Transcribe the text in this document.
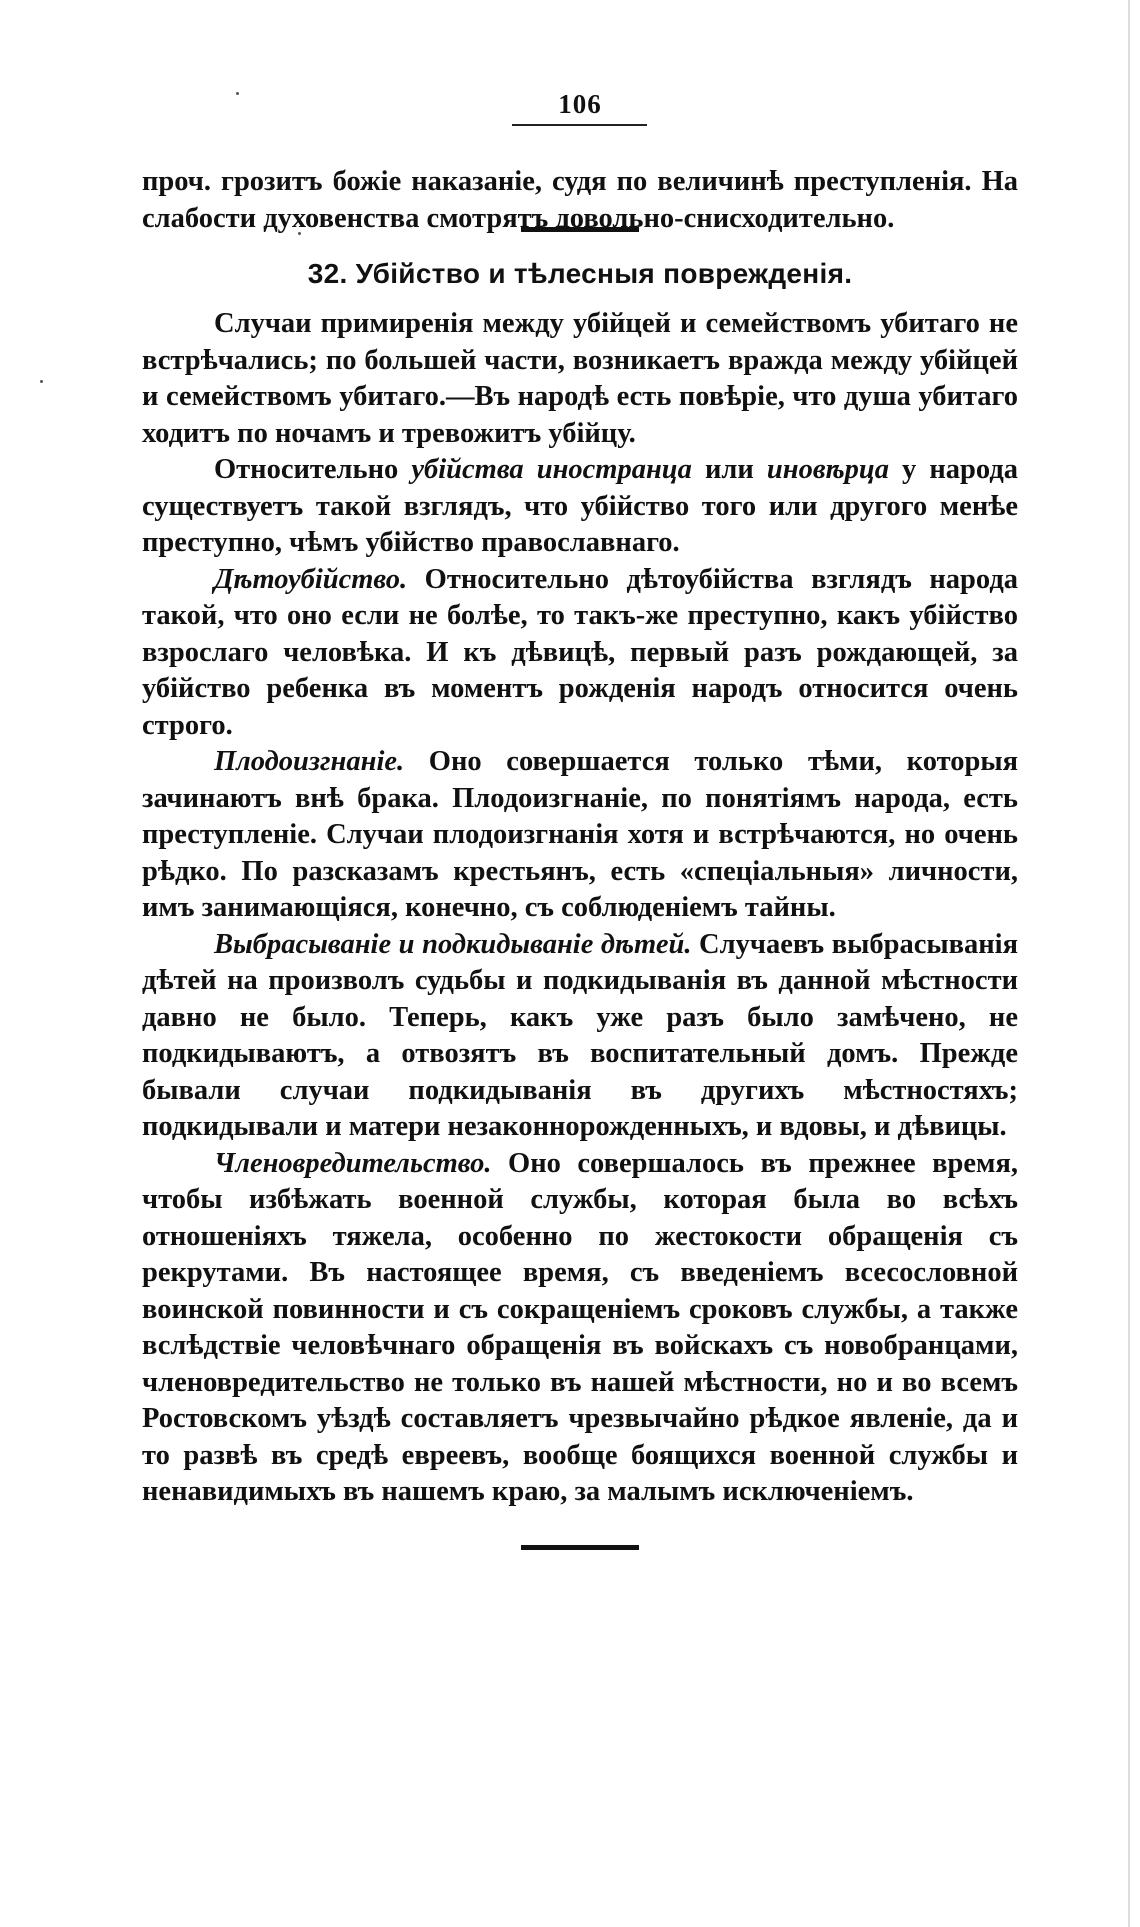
106

проч. грозитъ божіе наказаніе, судя по величинѣ преступленія. На слабости духовенства смотрятъ довольно-снисходительно.

32. Убійство и тѣлесныя поврежденія.

Случаи примиренія между убійцей и семействомъ убитаго не встрѣчались; по большей части, возникаетъ вражда между убійцей и семействомъ убитаго.—Въ народѣ есть повѣріе, что душа убитаго ходитъ по ночамъ и тревожитъ убійцу.

Относительно убійства иностранца или иновѣрца у народа существуетъ такой взглядъ, что убійство того или другого менѣе преступно, чѣмъ убійство православнаго.

Дѣтоубійство. Относительно дѣтоубійства взглядъ народа такой, что оно если не болѣе, то такъ-же преступно, какъ убійство взрослаго человѣка. И къ дѣвицѣ, первый разъ рождающей, за убійство ребенка въ моментъ рожденія народъ относится очень строго.

Плодоизгнаніе. Оно совершается только тѣми, которыя зачинаютъ внѣ брака. Плодоизгнаніе, по понятіямъ народа, есть преступленіе. Случаи плодоизгнанія хотя и встрѣчаются, но очень рѣдко. По разсказамъ крестьянъ, есть «спеціальныя» личности, имъ занимающіяся, конечно, съ соблюденіемъ тайны.

Выбрасываніе и подкидываніе дѣтей. Случаевъ выбрасыванія дѣтей на произволъ судьбы и подкидыванія въ данной мѣстности давно не было. Теперь, какъ уже разъ было замѣчено, не подкидываютъ, а отвозятъ въ воспитательный домъ. Прежде бывали случаи подкидыванія въ другихъ мѣстностяхъ; подкидывали и матери незаконнорожденныхъ, и вдовы, и дѣвицы.

Членовредительство. Оно совершалось въ прежнее время, чтобы избѣжать военной службы, которая была во всѣхъ отношеніяхъ тяжела, особенно по жестокости обращенія съ рекрутами. Въ настоящее время, съ введеніемъ всесословной воинской повинности и съ сокращеніемъ сроковъ службы, а также вслѣдствіе человѣчнаго обращенія въ войскахъ съ новобранцами, членовредительство не только въ нашей мѣстности, но и во всемъ Ростовскомъ уѣздѣ составляетъ чрезвычайно рѣдкое явленіе, да и то развѣ въ средѣ евреевъ, вообще боящихся военной службы и ненавидимыхъ въ нашемъ краю, за малымъ исключеніемъ.
